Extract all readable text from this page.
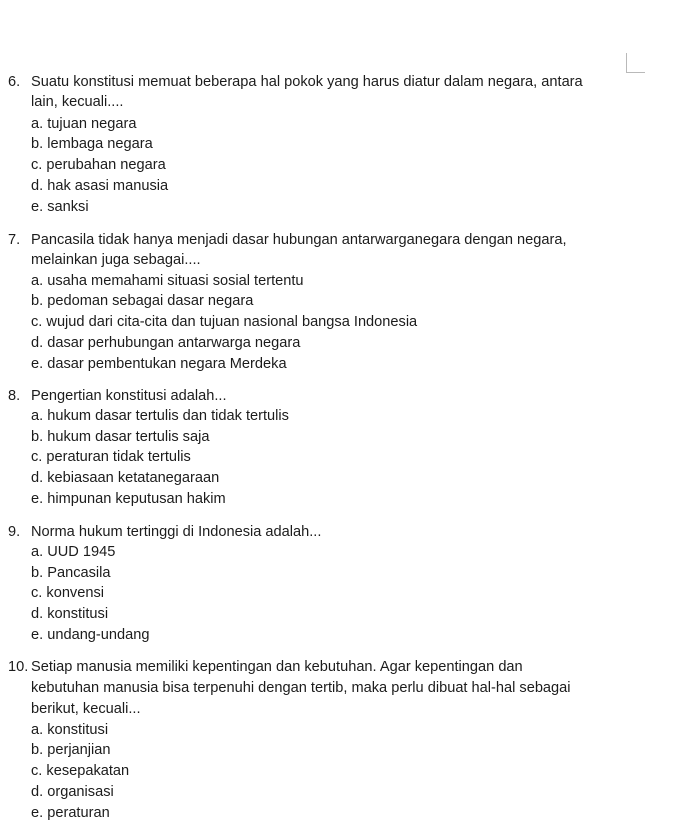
6. Suatu konstitusi memuat beberapa hal pokok yang harus diatur dalam negara, antara
lain, kecuali....
a. tujuan negara
b. lembaga negara
c. perubahan negara
d. hak asasi manusia
e. sanksi
7. Pancasila tidak hanya menjadi dasar hubungan antarwarganegara dengan negara,
melainkan juga sebagai....
a. usaha memahami situasi sosial tertentu
b. pedoman sebagai dasar negara
c. wujud dari cita-cita dan tujuan nasional bangsa Indonesia
d. dasar perhubungan antarwarga negara
e. dasar pembentukan negara Merdeka
8. Pengertian konstitusi adalah...
a. hukum dasar tertulis dan tidak tertulis
b. hukum dasar tertulis saja
c. peraturan tidak tertulis
d. kebiasaan ketatanegaraan
e. himpunan keputusan hakim
9. Norma hukum tertinggi di Indonesia adalah...
a. UUD 1945
b. Pancasila
c. konvensi
d. konstitusi
e. undang-undang
10. Setiap manusia memiliki kepentingan dan kebutuhan. Agar kepentingan dan
kebutuhan manusia bisa terpenuhi dengan tertib, maka perlu dibuat hal-hal sebagai
berikut, kecuali...
a. konstitusi
b. perjanjian
c. kesepakatan
d. organisasi
e. peraturan
